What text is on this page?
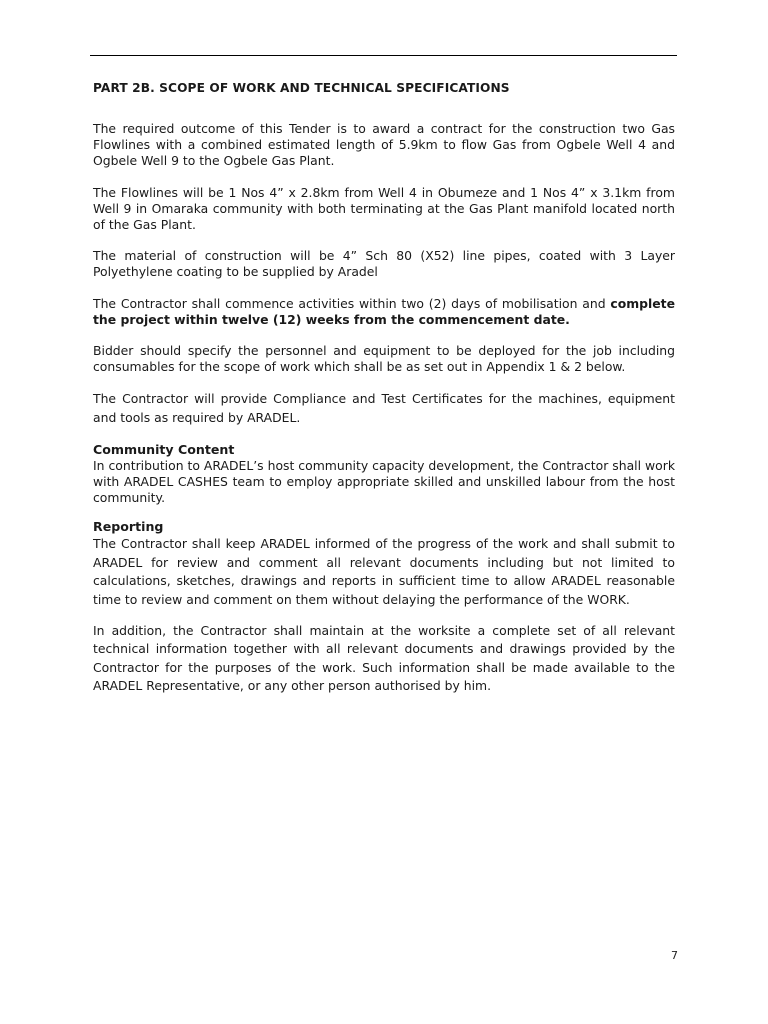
PART 2B. SCOPE OF WORK AND TECHNICAL SPECIFICATIONS

The required outcome of this Tender is to award a contract for the construction two Gas Flowlines with a combined estimated length of 5.9km to flow Gas from Ogbele Well 4 and Ogbele Well 9 to the Ogbele Gas Plant.

The Flowlines will be 1 Nos 4” x 2.8km from Well 4 in Obumeze and 1 Nos 4” x 3.1km from Well 9 in Omaraka community with both terminating at the Gas Plant manifold located north of the Gas Plant.

The material of construction will be 4” Sch 80 (X52) line pipes, coated with 3 Layer Polyethylene coating to be supplied by Aradel

The Contractor shall commence activities within two (2) days of mobilisation and complete the project within twelve (12) weeks from the commencement date.

Bidder should specify the personnel and equipment to be deployed for the job including consumables for the scope of work which shall be as set out in Appendix 1 & 2 below.

The Contractor will provide Compliance and Test Certificates for the machines, equipment and tools as required by ARADEL.

Community Content

In contribution to ARADEL’s host community capacity development, the Contractor shall work with ARADEL CASHES team to employ appropriate skilled and unskilled labour from the host community.

Reporting

The Contractor shall keep ARADEL informed of the progress of the work and shall submit to ARADEL for review and comment all relevant documents including but not limited to calculations, sketches, drawings and reports in sufficient time to allow ARADEL reasonable time to review and comment on them without delaying the performance of the WORK.

In addition, the Contractor shall maintain at the worksite a complete set of all relevant technical information together with all relevant documents and drawings provided by the Contractor for the purposes of the work. Such information shall be made available to the ARADEL Representative, or any other person authorised by him.

7
